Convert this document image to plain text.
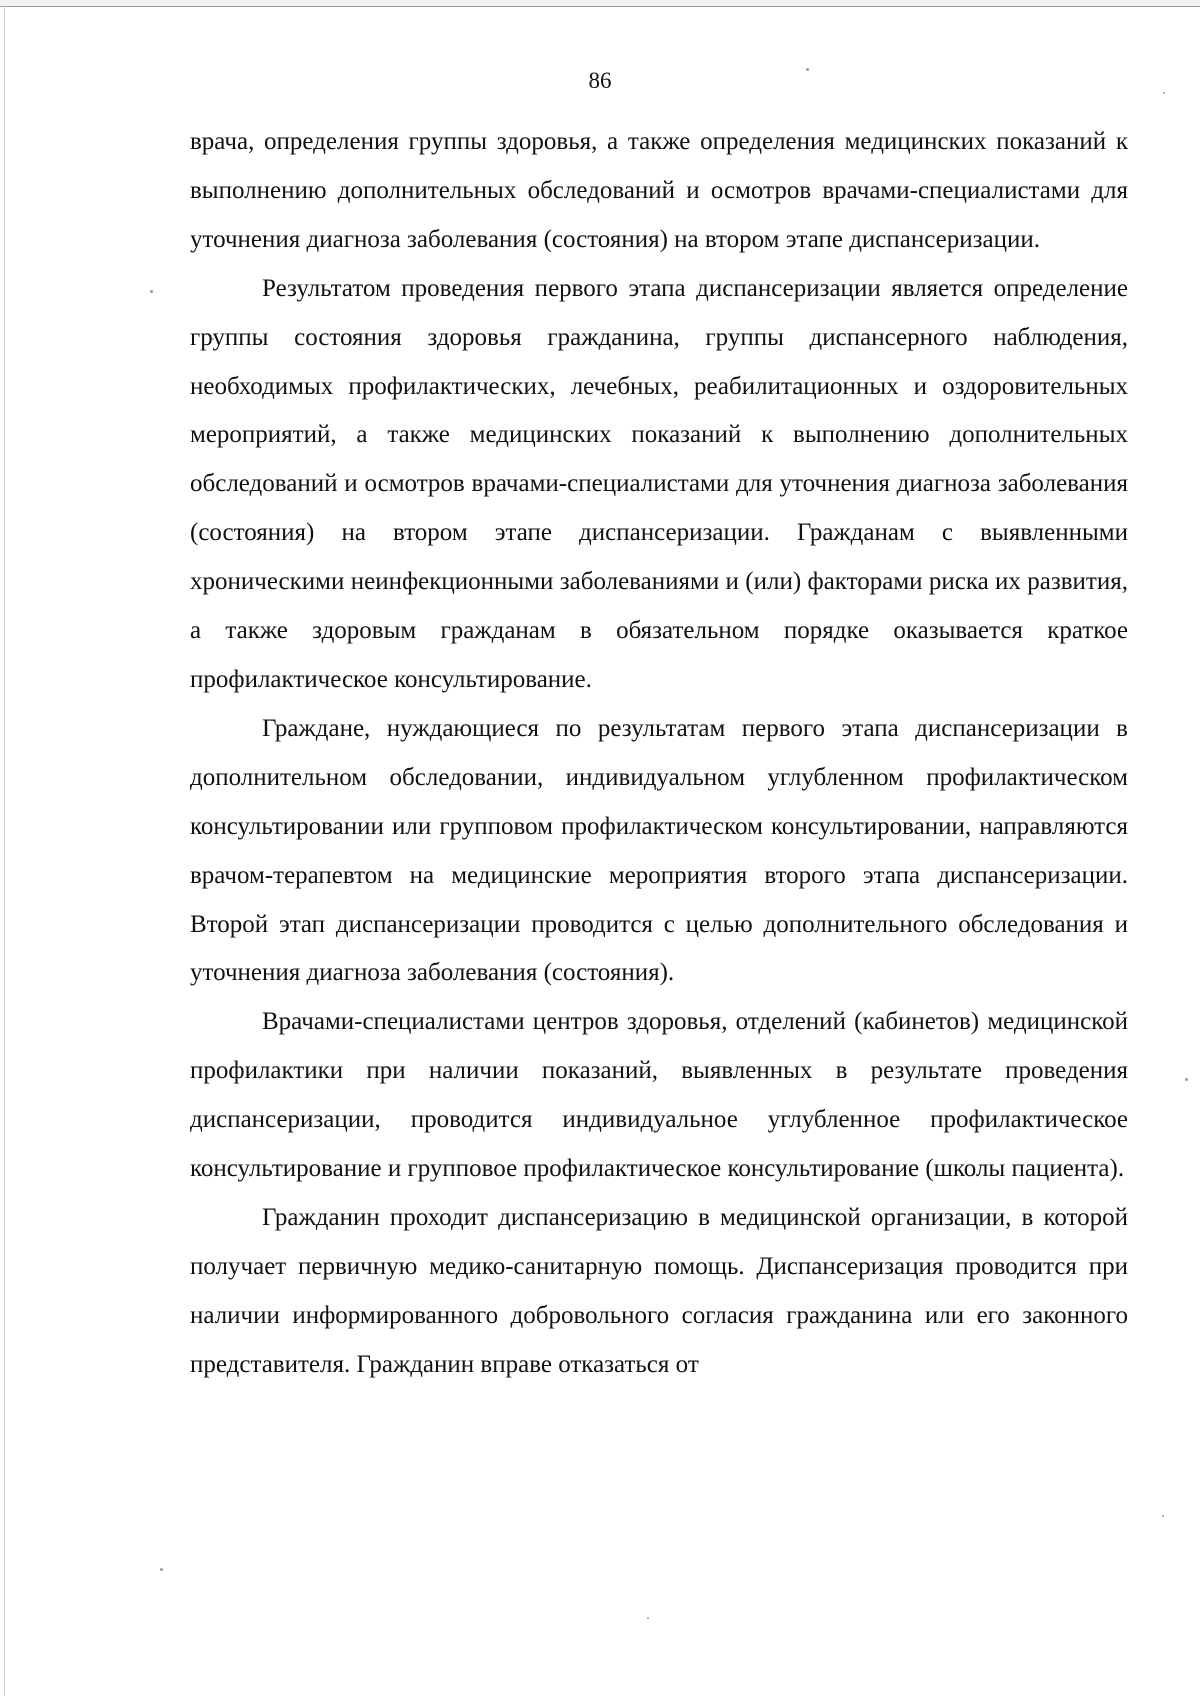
86

врача, определения группы здоровья, а также определения медицинских показаний к выполнению дополнительных обследований и осмотров врачами-специалистами для уточнения диагноза заболевания (состояния) на втором этапе диспансеризации.

Результатом проведения первого этапа диспансеризации является определение группы состояния здоровья гражданина, группы диспансерного наблюдения, необходимых профилактических, лечебных, реабилитационных и оздоровительных мероприятий, а также медицинских показаний к выполнению дополнительных обследований и осмотров врачами-специалистами для уточнения диагноза заболевания (состояния) на втором этапе диспансеризации. Гражданам с выявленными хроническими неинфекционными заболеваниями и (или) факторами риска их развития, а также здоровым гражданам в обязательном порядке оказывается краткое профилактическое консультирование.

Граждане, нуждающиеся по результатам первого этапа диспансеризации в дополнительном обследовании, индивидуальном углубленном профилактическом консультировании или групповом профилактическом консультировании, направляются врачом-терапевтом на медицинские мероприятия второго этапа диспансеризации. Второй этап диспансеризации проводится с целью дополнительного обследования и уточнения диагноза заболевания (состояния).

Врачами-специалистами центров здоровья, отделений (кабинетов) медицинской профилактики при наличии показаний, выявленных в результате проведения диспансеризации, проводится индивидуальное углубленное профилактическое консультирование и групповое профилактическое консультирование (школы пациента).

Гражданин проходит диспансеризацию в медицинской организации, в которой получает первичную медико-санитарную помощь. Диспансеризация проводится при наличии информированного добровольного согласия гражданина или его законного представителя. Гражданин вправе отказаться от
